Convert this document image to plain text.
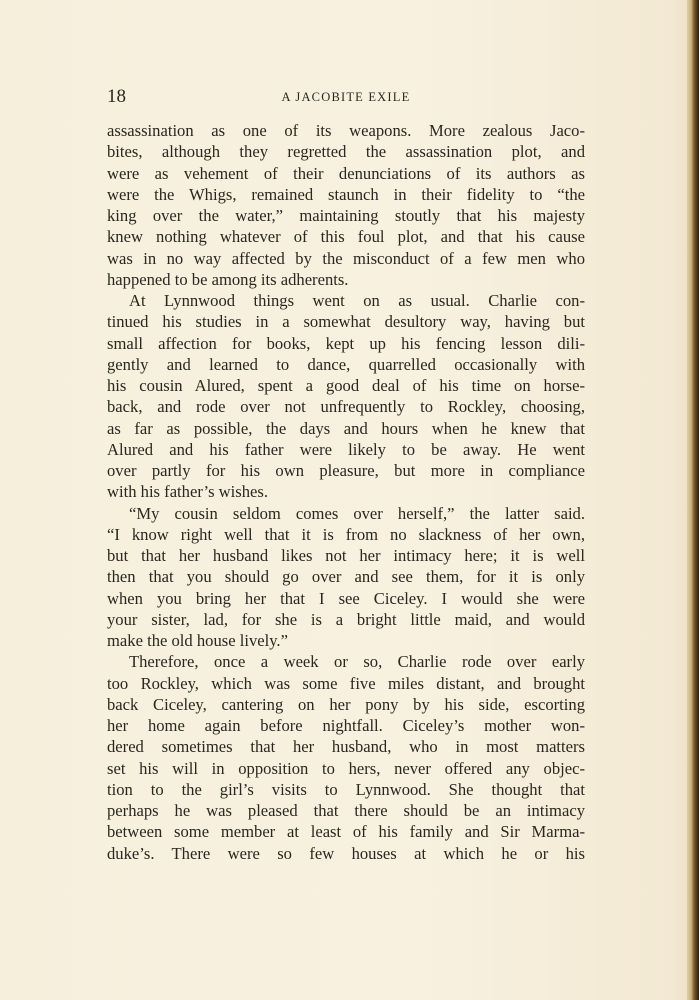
18	A JACOBITE EXILE
assassination as one of its weapons. More zealous Jaco-
bites, although they regretted the assassination plot, and
were as vehement of their denunciations of its authors as
were the Whigs, remained staunch in their fidelity to “the
king over the water,” maintaining stoutly that his majesty
knew nothing whatever of this foul plot, and that his cause
was in no way affected by the misconduct of a few men who
happened to be among its adherents.
At Lynnwood things went on as usual. Charlie con-
tinued his studies in a somewhat desultory way, having but
small affection for books, kept up his fencing lesson dili-
gently and learned to dance, quarrelled occasionally with
his cousin Alured, spent a good deal of his time on horse-
back, and rode over not unfrequently to Rockley, choosing,
as far as possible, the days and hours when he knew that
Alured and his father were likely to be away. He went
over partly for his own pleasure, but more in compliance
with his father’s wishes.
“My cousin seldom comes over herself,” the latter said.
“I know right well that it is from no slackness of her own,
but that her husband likes not her intimacy here; it is well
then that you should go over and see them, for it is only
when you bring her that I see Ciceley. I would she were
your sister, lad, for she is a bright little maid, and would
make the old house lively.”
Therefore, once a week or so, Charlie rode over early
too Rockley, which was some five miles distant, and brought
back Ciceley, cantering on her pony by his side, escorting
her home again before nightfall. Ciceley’s mother won-
dered sometimes that her husband, who in most matters
set his will in opposition to hers, never offered any objec-
tion to the girl’s visits to Lynnwood. She thought that
perhaps he was pleased that there should be an intimacy
between some member at least of his family and Sir Marma-
duke’s. There were so few houses at which he or his
